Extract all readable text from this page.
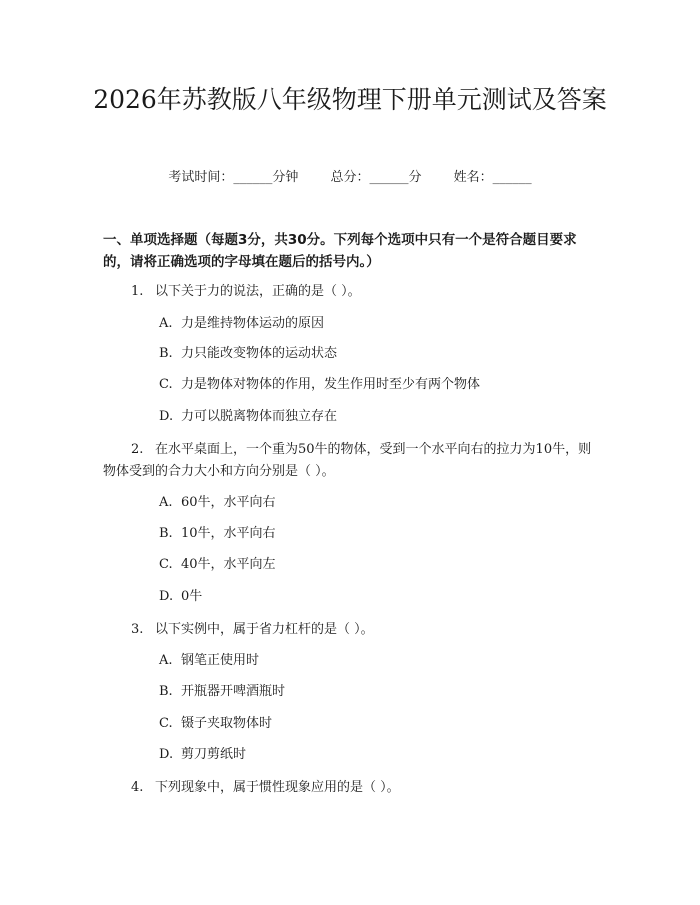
2026年苏教版八年级物理下册单元测试及答案
考试时间：______分钟 总分：______分 姓名：______

一、单项选择题（每题3分，共30分。下列每个选项中只有一个是符合题目要求的，请将正确选项的字母填在题后的括号内。）

1. 以下关于力的说法，正确的是（ ）。

A. 力是维持物体运动的原因

B. 力只能改变物体的运动状态

C. 力是物体对物体的作用，发生作用时至少有两个物体

D. 力可以脱离物体而独立存在

2. 在水平桌面上，一个重为50牛的物体，受到一个水平向右的拉力为10牛，则物体受到的合力大小和方向分别是（ ）。

A. 60牛，水平向右

B. 10牛，水平向右

C. 40牛，水平向左

D. 0牛

3. 以下实例中，属于省力杠杆的是（ ）。

A. 钢笔正使用时

B. 开瓶器开啤酒瓶时

C. 镊子夹取物体时

D. 剪刀剪纸时

4. 下列现象中，属于惯性现象应用的是（ ）。
